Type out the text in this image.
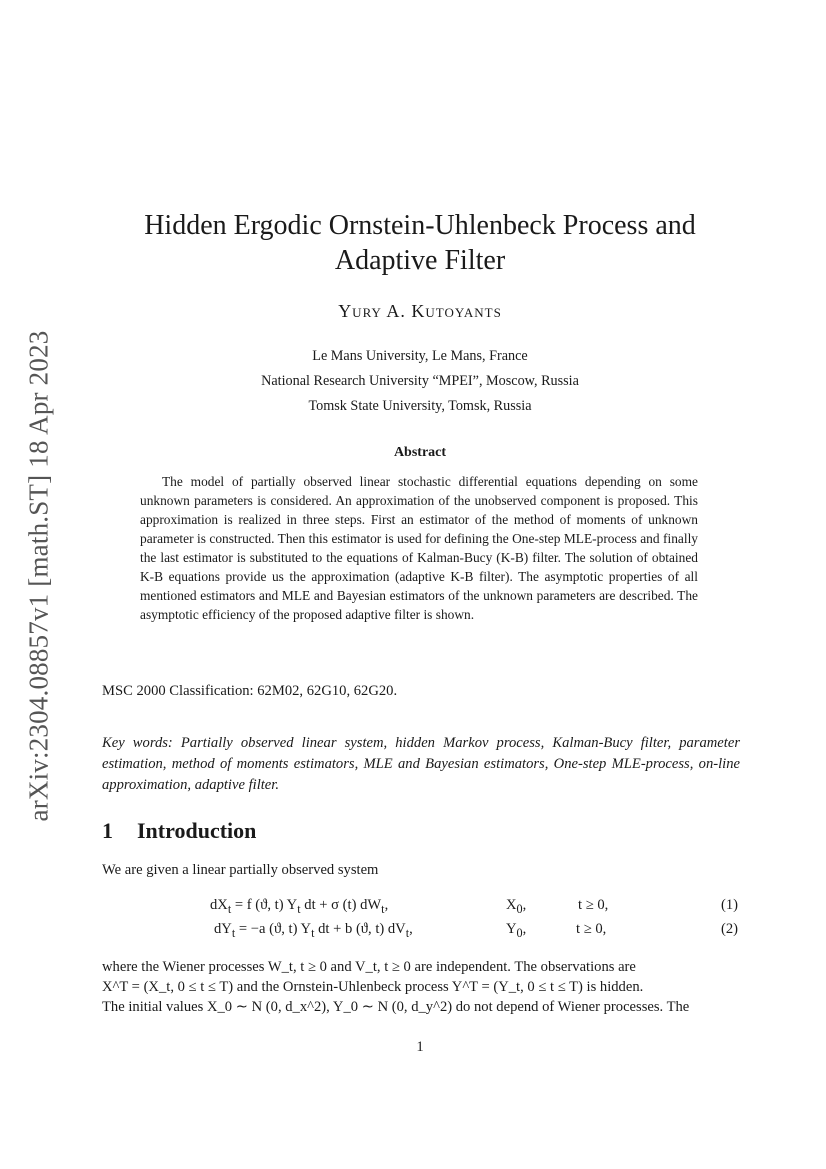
arXiv:2304.08857v1 [math.ST] 18 Apr 2023
Hidden Ergodic Ornstein-Uhlenbeck Process and
Adaptive Filter
Yury A. Kutoyants
Le Mans University, Le Mans, France
National Research University “MPEI”, Moscow, Russia
Tomsk State University, Tomsk, Russia
Abstract

The model of partially observed linear stochastic differential equations depending on some unknown parameters is considered. An approximation of the unobserved component is proposed. This approximation is realized in three steps. First an estimator of the method of moments of unknown parameter is constructed. Then this estimator is used for defining the One-step MLE-process and finally the last estimator is substituted to the equations of Kalman-Bucy (K-B) filter. The solution of obtained K-B equations provide us the approximation (adaptive K-B filter). The asymptotic properties of all mentioned estimators and MLE and Bayesian estimators of the unknown parameters are described. The asymptotic efficiency of the proposed adaptive filter is shown.

MSC 2000 Classification: 62M02, 62G10, 62G20.

Key words: Partially observed linear system, hidden Markov process, Kalman-Bucy filter, parameter estimation, method of moments estimators, MLE and Bayesian estimators, One-step MLE-process, on-line approximation, adaptive filter.

1 Introduction
We are given a linear partially observed system
$dX_t = f$ (ϑ, t) $Y_t$ dt + σ (t) $dW_t$,	$X_0$,	t ≥ 0,	(1)
$dY_t = -a$ (ϑ, t) $Y_t$ dt + b (ϑ, t) $dV_t$,	$Y_0$,	t ≥ 0,	(2)
where the Wiener processes W_t, t ≥ 0 and V_t, t ≥ 0 are independent. The observations are
X^T = (X_t, 0 ≤ t ≤ T) and the Ornstein-Uhlenbeck process Y^T = (Y_t, 0 ≤ t ≤ T) is hidden.
The initial values X_0 ∼ N (0, d_x^2), Y_0 ∼ N (0, d_y^2) do not depend of Wiener processes. The
1
